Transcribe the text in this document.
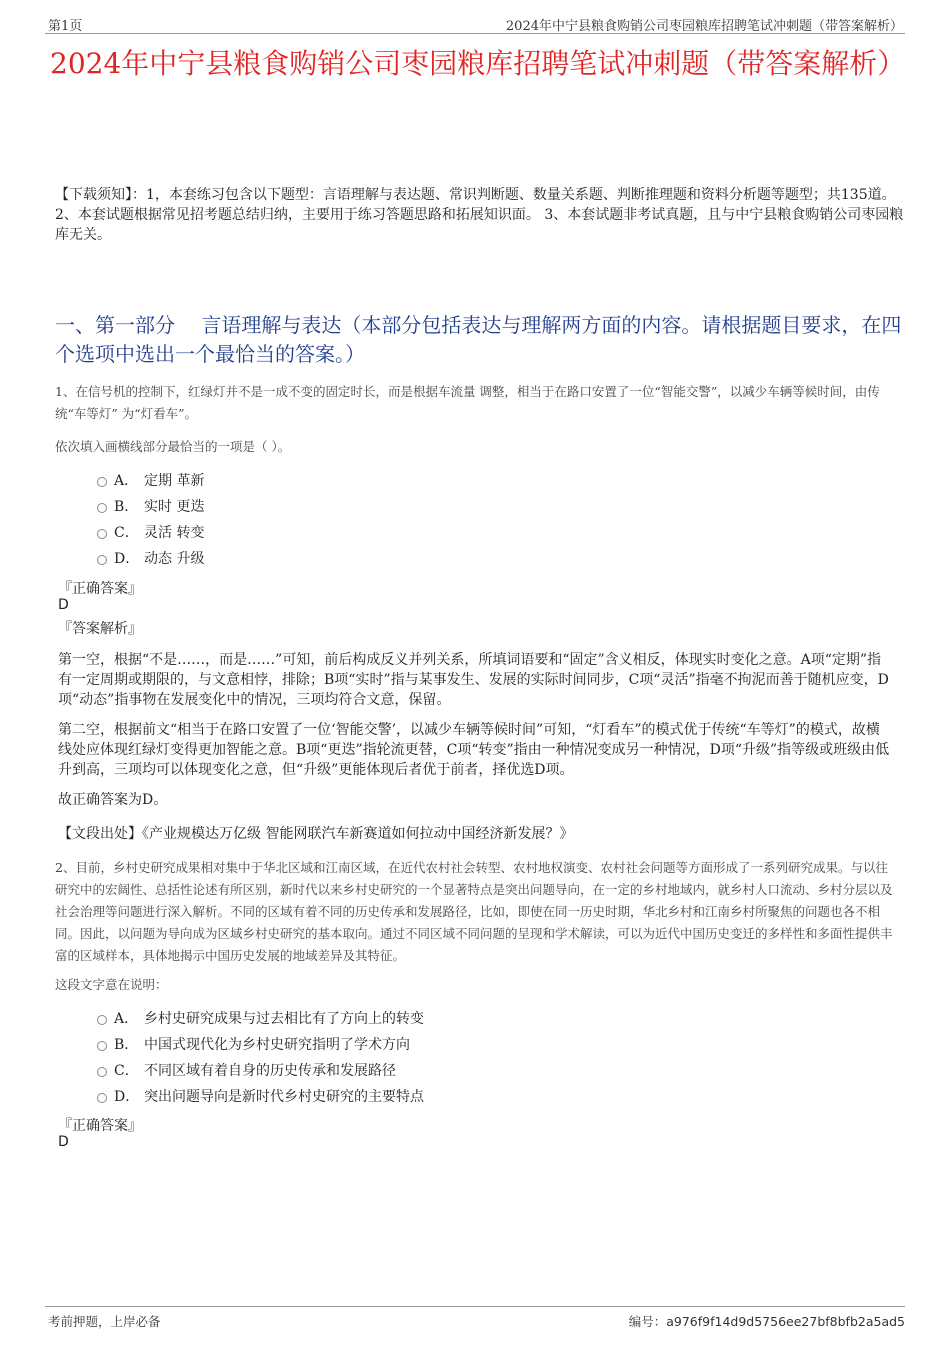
第1页	2024年中宁县粮食购销公司枣园粮库招聘笔试冲刺题（带答案解析）
2024年中宁县粮食购销公司枣园粮库招聘笔试冲刺题（带答案解析）
【下载须知】：1，本套练习包含以下题型：言语理解与表达题、常识判断题、数量关系题、判断推理题和资料分析题等题型；共135道。 2、本套试题根据常见招考题总结归纳，主要用于练习答题思路和拓展知识面。 3、本套试题非考试真题，且与中宁县粮食购销公司枣园粮库无关。
一、第一部分　 言语理解与表达（本部分包括表达与理解两方面的内容。请根据题目要求，在四个选项中选出一个最恰当的答案。）
1、在信号机的控制下，红绿灯并不是一成不变的固定时长，而是根据车流量 调整，相当于在路口安置了一位“智能交警”，以减少车辆等候时间，由传统“车等灯” 为“灯看车”。
依次填入画横线部分最恰当的一项是（ ）。
A． 定期 革新
B． 实时 更迭
C． 灵活 转变
D． 动态 升级
『正确答案』
D
『答案解析』
第一空，根据“不是……，而是……”可知，前后构成反义并列关系，所填词语要和“固定”含义相反，体现实时变化之意。A项“定期”指有一定周期或期限的，与文意相悖，排除；B项“实时”指与某事发生、发展的实际时间同步，C项“灵活”指毫不拘泥而善于随机应变，D项“动态”指事物在发展变化中的情况，三项均符合文意，保留。
第二空，根据前文“相当于在路口安置了一位‘智能交警’，以减少车辆等候时间”可知，“灯看车”的模式优于传统“车等灯”的模式，故横线处应体现红绿灯变得更加智能之意。B项“更迭”指轮流更替，C项“转变”指由一种情况变成另一种情况，D项“升级”指等级或班级由低升到高，三项均可以体现变化之意，但“升级”更能体现后者优于前者，择优选D项。
故正确答案为D。
【文段出处】《产业规模达万亿级 智能网联汽车新赛道如何拉动中国经济新发展？》
2、目前，乡村史研究成果相对集中于华北区域和江南区域，在近代农村社会转型、农村地权演变、农村社会问题等方面形成了一系列研究成果。与以往研究中的宏阔性、总括性论述有所区别，新时代以来乡村史研究的一个显著特点是突出问题导向，在一定的乡村地域内，就乡村人口流动、乡村分层以及社会治理等问题进行深入解析。不同的区域有着不同的历史传承和发展路径，比如，即使在同一历史时期，华北乡村和江南乡村所聚焦的问题也各不相同。因此，以问题为导向成为区域乡村史研究的基本取向。通过不同区域不同问题的呈现和学术解读，可以为近代中国历史变迁的多样性和多面性提供丰富的区域样本，具体地揭示中国历史发展的地域差异及其特征。
这段文字意在说明：
A． 乡村史研究成果与过去相比有了方向上的转变
B． 中国式现代化为乡村史研究指明了学术方向
C． 不同区域有着自身的历史传承和发展路径
D． 突出问题导向是新时代乡村史研究的主要特点
『正确答案』
D
考前押题，上岸必备	编号：a976f9f14d9d5756ee27bf8bfb2a5ad5
